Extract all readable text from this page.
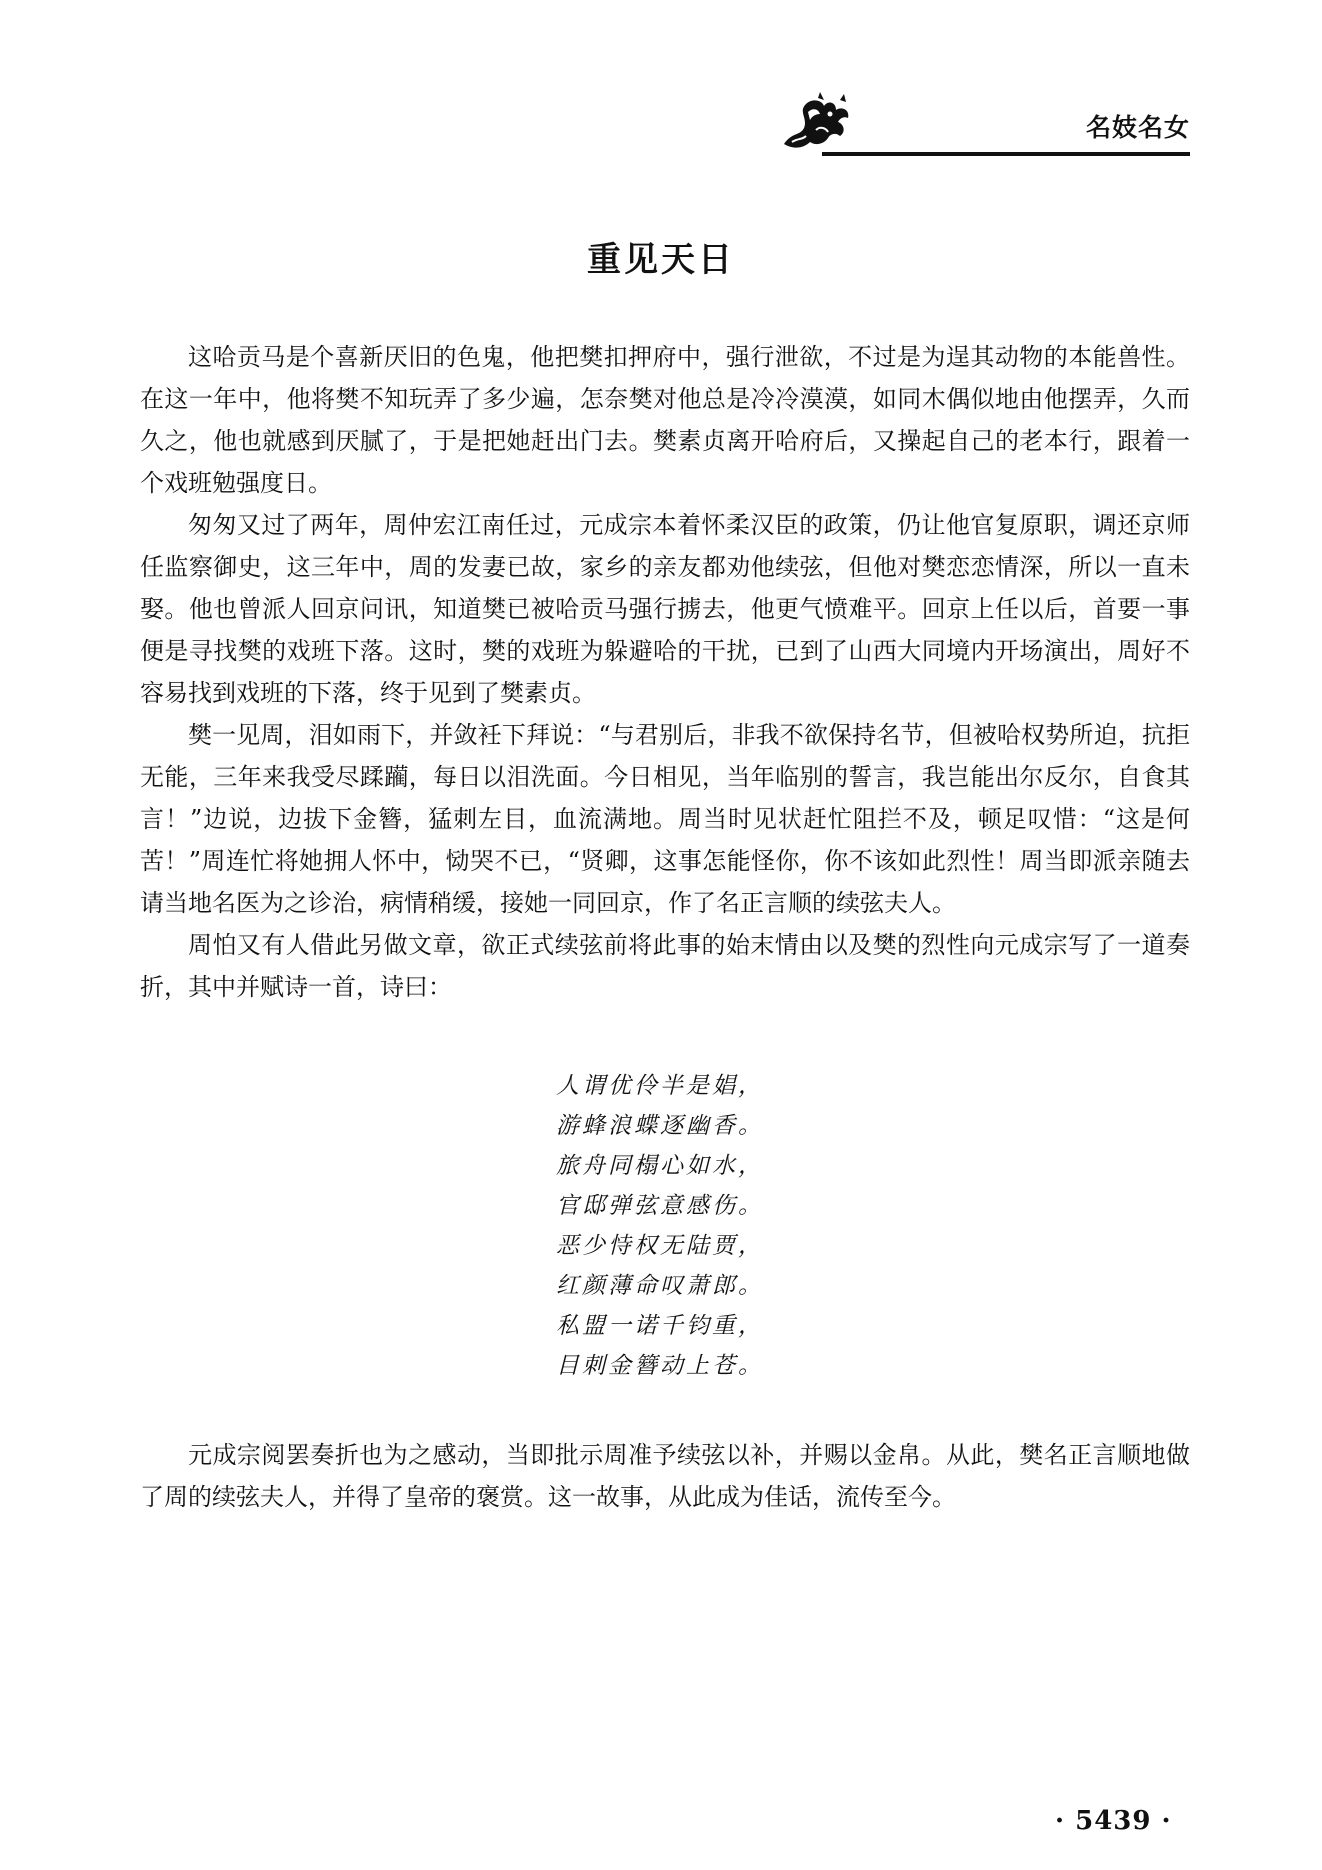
名妓名女
重见天日

这哈贡马是个喜新厌旧的色鬼，他把樊扣押府中，强行泄欲，不过是为逞其动物的本能兽性。在这一年中，他将樊不知玩弄了多少遍，怎奈樊对他总是冷冷漠漠，如同木偶似地由他摆弄，久而久之，他也就感到厌腻了，于是把她赶出门去。樊素贞离开哈府后，又操起自己的老本行，跟着一个戏班勉强度日。

匆匆又过了两年，周仲宏江南任过，元成宗本着怀柔汉臣的政策，仍让他官复原职，调还京师任监察御史，这三年中，周的发妻已故，家乡的亲友都劝他续弦，但他对樊恋恋情深，所以一直未娶。他也曾派人回京问讯，知道樊已被哈贡马强行掳去，他更气愤难平。回京上任以后，首要一事便是寻找樊的戏班下落。这时，樊的戏班为躲避哈的干扰，已到了山西大同境内开场演出，周好不容易找到戏班的下落，终于见到了樊素贞。

樊一见周，泪如雨下，并敛衽下拜说：“与君别后，非我不欲保持名节，但被哈权势所迫，抗拒无能，三年来我受尽蹂躏，每日以泪洗面。今日相见，当年临别的誓言，我岂能出尔反尔，自食其言！”边说，边拔下金簪，猛刺左目，血流满地。周当时见状赶忙阻拦不及，顿足叹惜：“这是何苦！”周连忙将她拥人怀中，恸哭不已，“贤卿，这事怎能怪你，你不该如此烈性！周当即派亲随去请当地名医为之诊治，病情稍缓，接她一同回京，作了名正言顺的续弦夫人。

周怕又有人借此另做文章，欲正式续弦前将此事的始末情由以及樊的烈性向元成宗写了一道奏折，其中并赋诗一首，诗曰：

人谓优伶半是娼，
游蜂浪蝶逐幽香。
旅舟同榻心如水，
官邸弹弦意感伤。
恶少恃权无陆贾，
红颜薄命叹萧郎。
私盟一诺千钧重，
目刺金簪动上苍。

元成宗阅罢奏折也为之感动，当即批示周准予续弦以补，并赐以金帛。从此，樊名正言顺地做了周的续弦夫人，并得了皇帝的褒赏。这一故事，从此成为佳话，流传至今。

· 5439 ·
